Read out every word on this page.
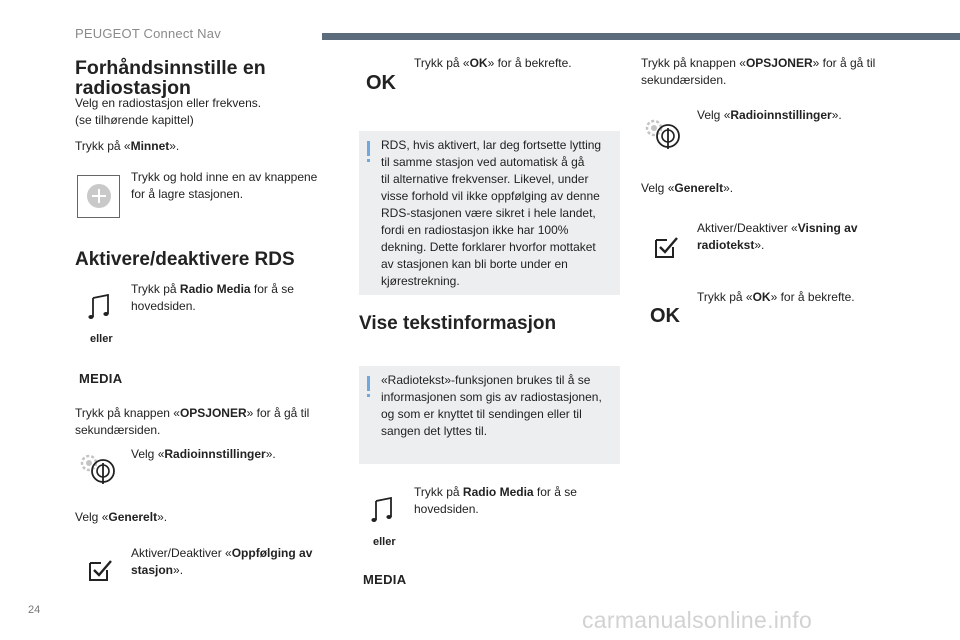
PEUGEOT Connect Nav
Forhåndsinnstille en
radiostasjon
Velg en radiostasjon eller frekvens.
(se tilhørende kapittel)
Trykk på «Minnet».
Trykk og hold inne en av knappene
for å lagre stasjonen.
Aktivere/deaktivere RDS
eller
MEDIA
Trykk på Radio Media for å se
hovedsiden.
Trykk på knappen «OPSJONER» for å gå til
sekundærsiden.
Velg «Radioinnstillinger».
Velg «Generelt».
Aktiver/Deaktiver «Oppfølging av
stasjon».
OK
Trykk på «OK» for å bekrefte.
RDS, hvis aktivert, lar deg fortsette lytting
til samme stasjon ved automatisk å gå
til alternative frekvenser. Likevel, under
visse forhold vil ikke oppfølging av denne
RDS-stasjonen være sikret i hele landet,
fordi en radiostasjon ikke har 100%
dekning. Dette forklarer hvorfor mottaket
av stasjonen kan bli borte under en
kjørestrekning.
Vise tekstinformasjon
«Radiotekst»-funksjonen brukes til å se
informasjonen som gis av radiostasjonen,
og som er knyttet til sendingen eller til
sangen det lyttes til.
eller
MEDIA
Trykk på Radio Media for å se
hovedsiden.
Trykk på knappen «OPSJONER» for å gå til
sekundærsiden.
Velg «Radioinnstillinger».
Velg «Generelt».
Aktiver/Deaktiver «Visning av
radiotekst».
OK
Trykk på «OK» for å bekrefte.
24	carmanualsonline.info
